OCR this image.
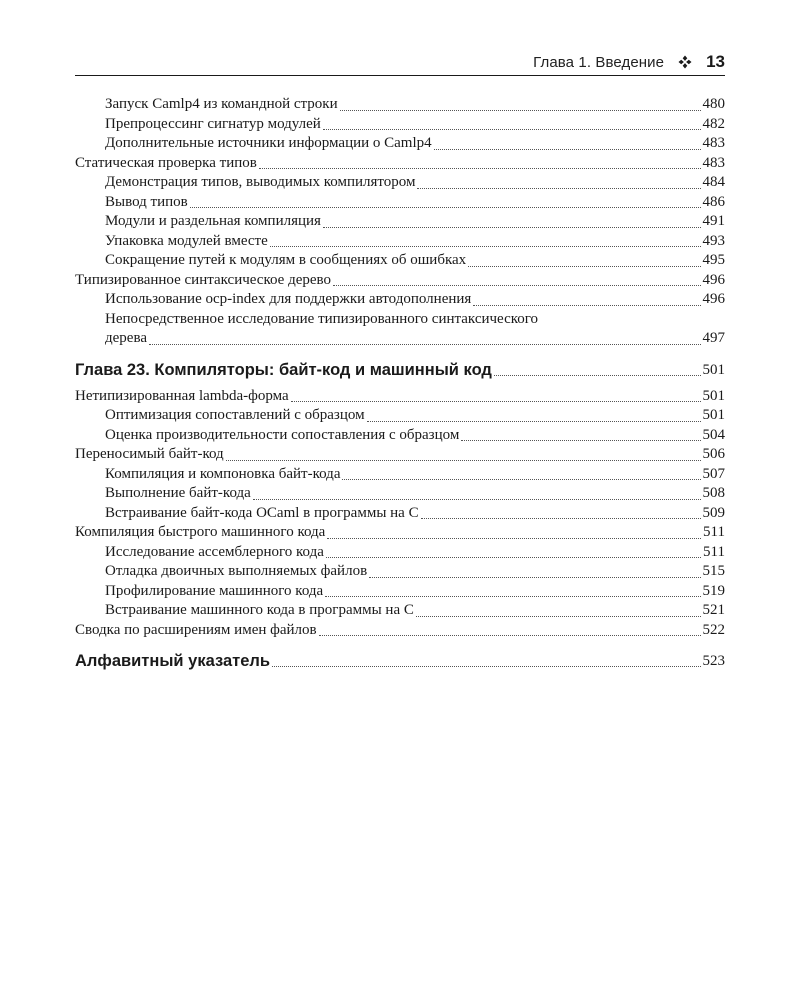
Глава 1. Введение 13
Запуск Camlp4 из командной строки	480
Препроцессинг сигнатур модулей	482
Дополнительные источники информации о Camlp4	483
Статическая проверка типов	483
Демонстрация типов, выводимых компилятором	484
Вывод типов	486
Модули и раздельная компиляция	491
Упаковка модулей вместе	493
Сокращение путей к модулям в сообщениях об ошибках	495
Типизированное синтаксическое дерево	496
Использование ocp-index для поддержки автодополнения	496
Непосредственное исследование типизированного синтаксического
дерева	497
Глава 23. Компиляторы: байт-код и машинный код	501
Нетипизированная lambda-форма	501
Оптимизация сопоставлений с образцом	501
Оценка производительности сопоставления с образцом	504
Переносимый байт-код	506
Компиляция и компоновка байт-кода	507
Выполнение байт-кода	508
Встраивание байт-кода OCaml в программы на C	509
Компиляция быстрого машинного кода	511
Исследование ассемблерного кода	511
Отладка двоичных выполняемых файлов	515
Профилирование машинного кода	519
Встраивание машинного кода в программы на C	521
Сводка по расширениям имен файлов	522
Алфавитный указатель	523
